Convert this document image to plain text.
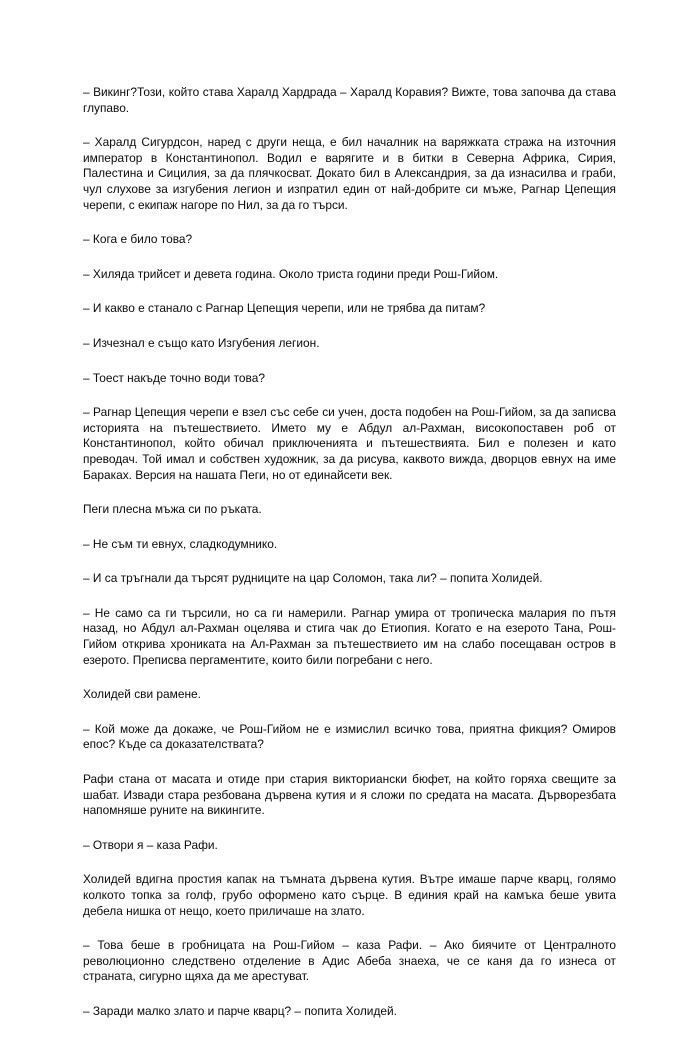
– Викинг?Този, който става Харалд Хардрада – Харалд Коравия? Вижте, това започва да става глупаво.

– Харалд Сигурдсон, наред с други неща, е бил началник на варяжката стража на източния император в Константинопол. Водил е варягите и в битки в Северна Африка, Сирия, Палестина и Сицилия, за да плячкосват. Докато бил в Александрия, за да изнасилва и граби, чул слухове за изгубения легион и изпратил един от най-добрите си мъже, Рагнар Цепещия черепи, с екипаж нагоре по Нил, за да го търси.

– Кога е било това?

– Хиляда трийсет и девета година. Около триста години преди Рош-Гийом.

– И какво е станало с Рагнар Цепещия черепи, или не трябва да питам?

– Изчезнал е също като Изгубения легион.

– Тоест накъде точно води това?

– Рагнар Цепещия черепи е взел със себе си учен, доста подобен на Рош-Гийом, за да записва историята на пътешествието. Името му е Абдул ал-Рахман, високопоставен роб от Константинопол, който обичал приключенията и пътешествията. Бил е полезен и като преводач. Той имал и собствен художник, за да рисува, каквото вижда, дворцов евнух на име Бараках. Версия на нашата Пеги, но от единайсети век.

Пеги плесна мъжа си по ръката.

– Не съм ти евнух, сладкодумнико.

– И са тръгнали да търсят рудниците на цар Соломон, така ли? – попита Холидей.

– Не само са ги търсили, но са ги намерили. Рагнар умира от тропическа малария по пътя назад, но Абдул ал-Рахман оцелява и стига чак до Етиопия. Когато е на езерото Тана, Рош-Гийом открива хрониката на Ал-Рахман за пътешествието им на слабо посещаван остров в езерото. Преписва пергаментите, които били погребани с него.

Холидей сви рамене.

– Кой може да докаже, че Рош-Гийом не е измислил всичко това, приятна фикция? Омиров епос? Къде са доказателствата?

Рафи стана от масата и отиде при стария викториански бюфет, на който горяха свещите за шабат. Извади стара резбована дървена кутия и я сложи по средата на масата. Дърворезбата напомняше руните на викингите.

– Отвори я – каза Рафи.

Холидей вдигна простия капак на тъмната дървена кутия. Вътре имаше парче кварц, голямо колкото топка за голф, грубо оформено като сърце. В единия край на камъка беше увита дебела нишка от нещо, което приличаше на злато.

– Това беше в гробницата на Рош-Гийом – каза Рафи. – Ако биячите от Централното революционно следствено отделение в Адис Абеба знаеха, че се каня да го изнеса от страната, сигурно щяха да ме арестуват.

– Заради малко злато и парче кварц? – попита Холидей.
